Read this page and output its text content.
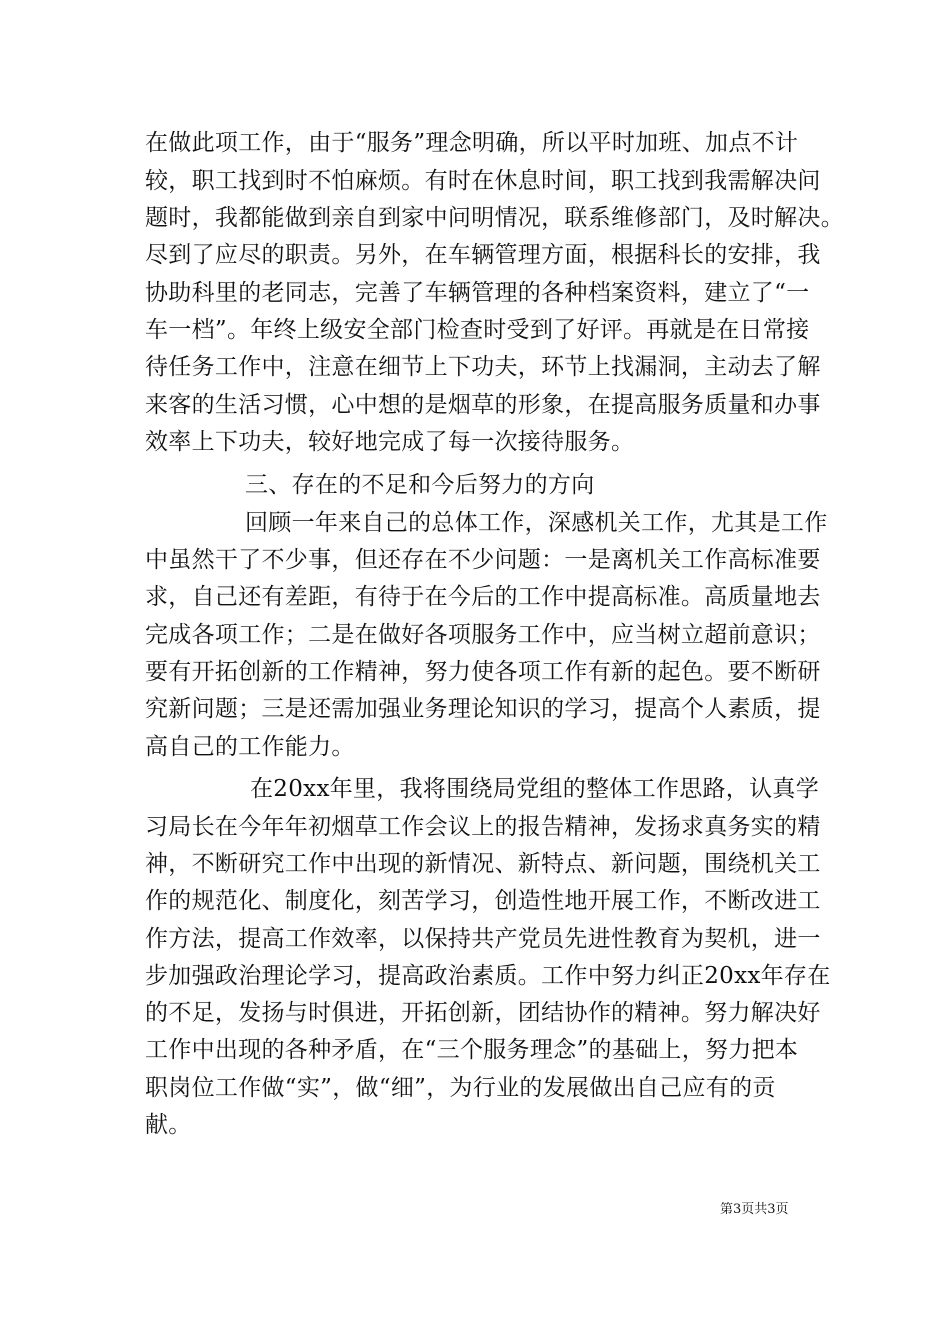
在做此项工作，由于“服务”理念明确，所以平时加班、加点不计
较，职工找到时不怕麻烦。有时在休息时间，职工找到我需解决问
题时，我都能做到亲自到家中问明情况，联系维修部门，及时解决。
尽到了应尽的职责。另外，在车辆管理方面，根据科长的安排，我
协助科里的老同志，完善了车辆管理的各种档案资料，建立了“一
车一档”。年终上级安全部门检查时受到了好评。再就是在日常接
待任务工作中，注意在细节上下功夫，环节上找漏洞，主动去了解
来客的生活习惯，心中想的是烟草的形象，在提高服务质量和办事
效率上下功夫，较好地完成了每一次接待服务。
三、存在的不足和今后努力的方向
回顾一年来自己的总体工作，深感机关工作，尤其是工作
中虽然干了不少事，但还存在不少问题：一是离机关工作高标准要
求，自己还有差距，有待于在今后的工作中提高标准。高质量地去
完成各项工作；二是在做好各项服务工作中，应当树立超前意识；
要有开拓创新的工作精神，努力使各项工作有新的起色。要不断研
究新问题；三是还需加强业务理论知识的学习，提高个人素质，提
高自己的工作能力。
在20xx年里，我将围绕局党组的整体工作思路，认真学
习局长在今年年初烟草工作会议上的报告精神，发扬求真务实的精
神，不断研究工作中出现的新情况、新特点、新问题，围绕机关工
作的规范化、制度化，刻苦学习，创造性地开展工作，不断改进工
作方法，提高工作效率，以保持共产党员先进性教育为契机，进一
步加强政治理论学习，提高政治素质。工作中努力纠正20xx年存在
的不足，发扬与时俱进，开拓创新，团结协作的精神。努力解决好
工作中出现的各种矛盾，在“三个服务理念”的基础上，努力把本
职岗位工作做“实”，做“细”，为行业的发展做出自己应有的贡
献。
第3页共3页
